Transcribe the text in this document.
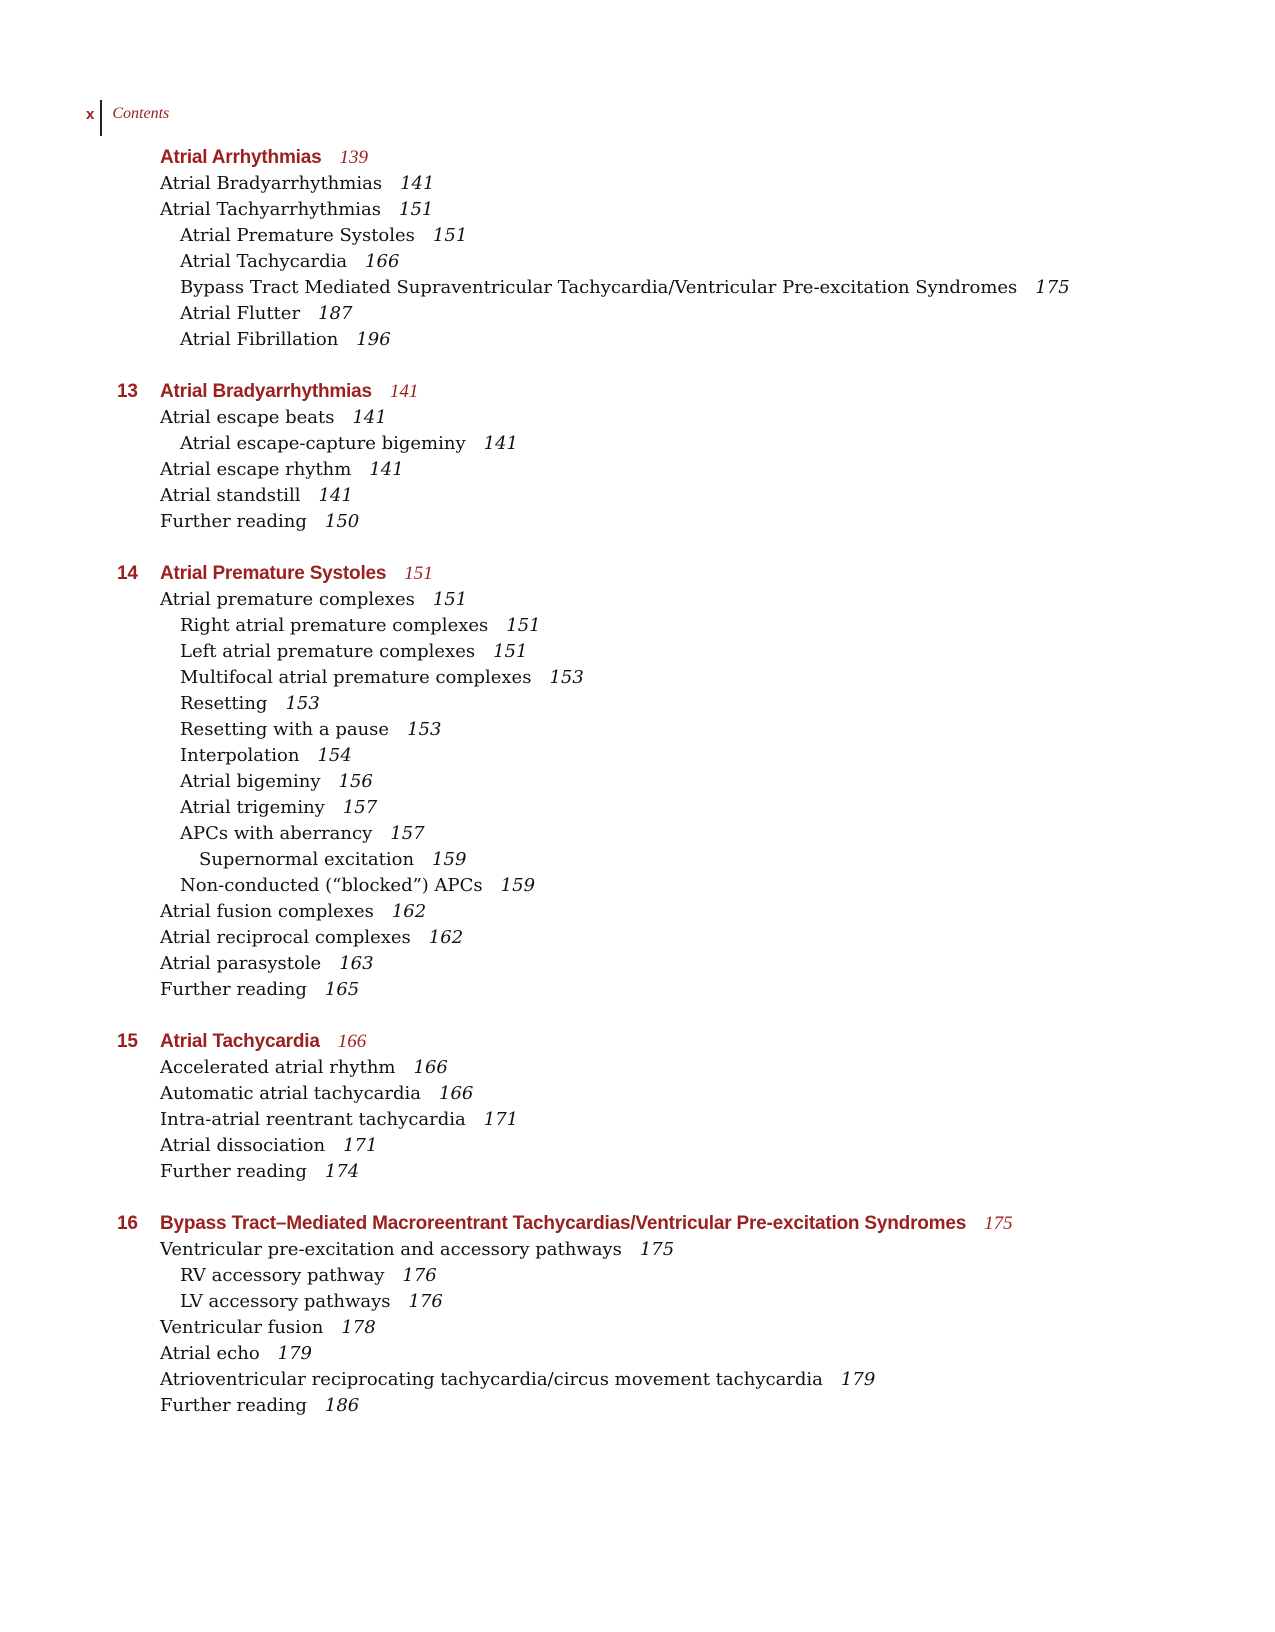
x Contents
Atrial Arrhythmias 139
Atrial Bradyarrhythmias 141
Atrial Tachyarrhythmias 151
Atrial Premature Systoles 151
Atrial Tachycardia 166
Bypass Tract Mediated Supraventricular Tachycardia/Ventricular Pre-excitation Syndromes 175
Atrial Flutter 187
Atrial Fibrillation 196
13 Atrial Bradyarrhythmias 141
Atrial escape beats 141
Atrial escape-capture bigeminy 141
Atrial escape rhythm 141
Atrial standstill 141
Further reading 150
14 Atrial Premature Systoles 151
Atrial premature complexes 151
Right atrial premature complexes 151
Left atrial premature complexes 151
Multifocal atrial premature complexes 153
Resetting 153
Resetting with a pause 153
Interpolation 154
Atrial bigeminy 156
Atrial trigeminy 157
APCs with aberrancy 157
Supernormal excitation 159
Non-conducted (“blocked”) APCs 159
Atrial fusion complexes 162
Atrial reciprocal complexes 162
Atrial parasystole 163
Further reading 165
15 Atrial Tachycardia 166
Accelerated atrial rhythm 166
Automatic atrial tachycardia 166
Intra-atrial reentrant tachycardia 171
Atrial dissociation 171
Further reading 174
16 Bypass Tract–Mediated Macroreentrant Tachycardias/Ventricular Pre-excitation Syndromes 175
Ventricular pre-excitation and accessory pathways 175
RV accessory pathway 176
LV accessory pathways 176
Ventricular fusion 178
Atrial echo 179
Atrioventricular reciprocating tachycardia/circus movement tachycardia 179
Further reading 186
